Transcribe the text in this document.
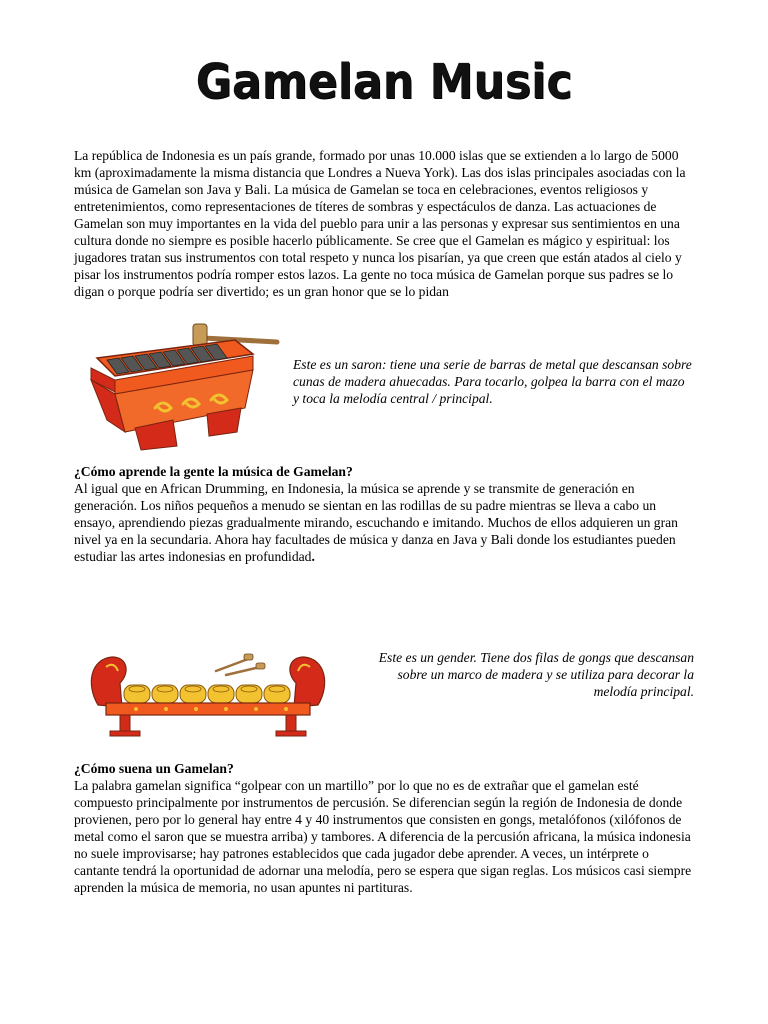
Gamelan Music
La república de Indonesia es un país grande, formado por unas 10.000 islas que se extienden a lo largo de 5000 km (aproximadamente la misma distancia que Londres a Nueva York). Las dos islas principales asociadas con la música de Gamelan son Java y Bali. La música de Gamelan se toca en celebraciones, eventos religiosos y entretenimientos, como representaciones de títeres de sombras y espectáculos de danza. Las actuaciones de Gamelan son muy importantes en la vida del pueblo para unir a las personas y expresar sus sentimientos en una cultura donde no siempre es posible hacerlo públicamente. Se cree que el Gamelan es mágico y espiritual: los jugadores tratan sus instrumentos con total respeto y nunca los pisarían, ya que creen que están atados al cielo y pisar los instrumentos podría romper estos lazos. La gente no toca música de Gamelan porque sus padres se lo digan o porque podría ser divertido; es un gran honor que se lo pidan
Este es un saron: tiene una serie de barras de metal que descansan sobre cunas de madera ahuecadas. Para tocarlo, golpea la barra con el mazo y toca la melodía central / principal.
¿Cómo aprende la gente la música de Gamelan?
Al igual que en African Drumming, en Indonesia, la música se aprende y se transmite de generación en generación. Los niños pequeños a menudo se sientan en las rodillas de su padre mientras se lleva a cabo un ensayo, aprendiendo piezas gradualmente mirando, escuchando e imitando. Muchos de ellos adquieren un gran nivel ya en la secundaria. Ahora hay facultades de música y danza en Java y Bali donde los estudiantes pueden estudiar las artes indonesias en profundidad.
Este es un gender. Tiene dos filas de gongs que descansan sobre un marco de madera y se utiliza para decorar la melodía principal.
¿Cómo suena un Gamelan?
La palabra gamelan significa “golpear con un martillo” por lo que no es de extrañar que el gamelan esté compuesto principalmente por instrumentos de percusión. Se diferencian según la región de Indonesia de donde provienen, pero por lo general hay entre 4 y 40 instrumentos que consisten en gongs, metalófonos (xilófonos de metal como el saron que se muestra arriba) y tambores. A diferencia de la percusión africana, la música indonesia no suele improvisarse; hay patrones establecidos que cada jugador debe aprender. A veces, un intérprete o cantante tendrá la oportunidad de adornar una melodía, pero se espera que sigan reglas. Los músicos casi siempre aprenden la música de memoria, no usan apuntes ni partituras.
